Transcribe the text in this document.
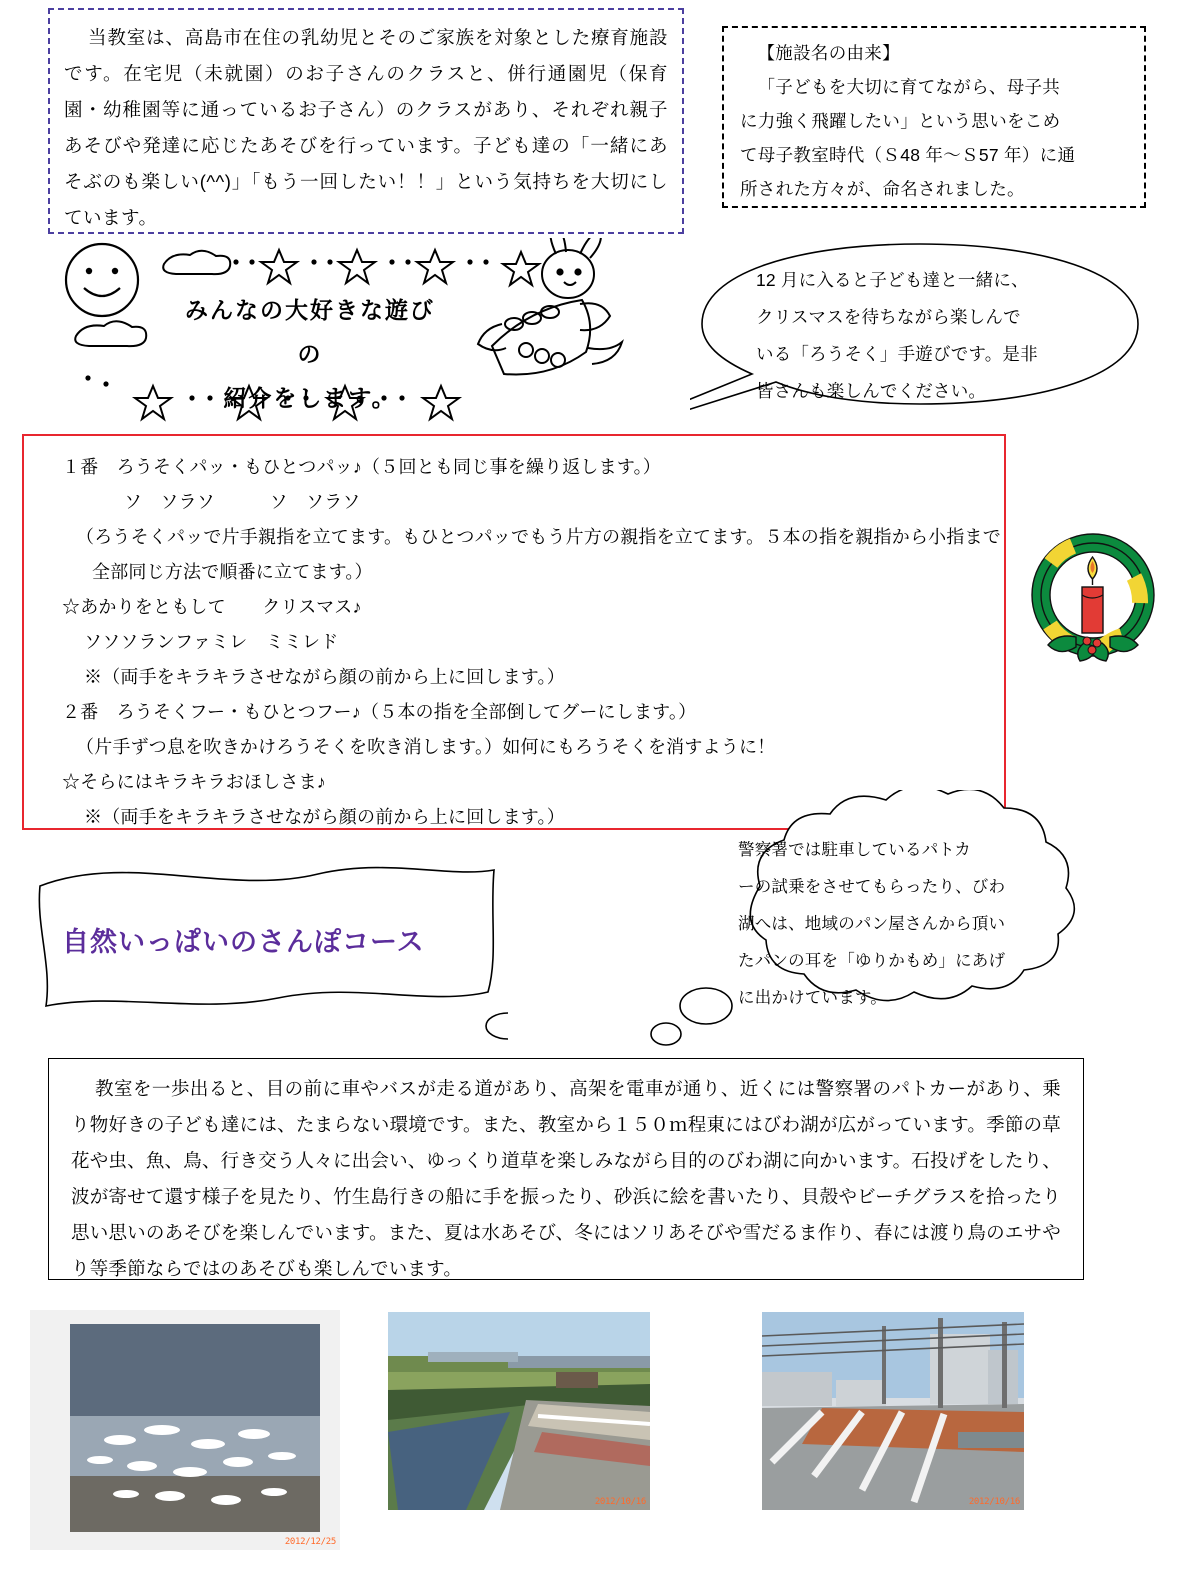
当教室は、高島市在住の乳幼児とそのご家族を対象とした療育施設です。在宅児（未就園）のお子さんのクラスと、併行通園児（保育園・幼稚園等に通っているお子さん）のクラスがあり、それぞれ親子あそびや発達に応じたあそびを行っています。子ども達の「一緒にあそぶのも楽しい(^^)」「もう一回したい！！」という気持ちを大切にしています。

【施設名の由来】
「子どもを大切に育てながら、母子共
に力強く飛躍したい」という思いをこめ
て母子教室時代（Ｓ48 年～Ｓ57 年）に通
所された方々が、命名されました。
みんなの大好きな遊び
の
紹介をします。
12 月に入ると子ども達と一緒に、
クリスマスを待ちながら楽しんで
いる「ろうそく」手遊びです。是非
皆さんも楽しんでください。
１番　ろうそくパッ・もひとつパッ♪（５回とも同じ事を繰り返します。）
ソ　ソラソ　　　ソ　ソラソ
（ろうそくパッで片手親指を立てます。もひとつパッでもう片方の親指を立てます。５本の指を親指から小指まで
全部同じ方法で順番に立てます。）
☆あかりをともして　　クリスマス♪
ソソソランファミレ　ミミレド
※（両手をキラキラさせながら顔の前から上に回します。）
２番　ろうそくフー・もひとつフー♪（５本の指を全部倒してグーにします。）
（片手ずつ息を吹きかけろうそくを吹き消します。）如何にもろうそくを消すように！
☆そらにはキラキラおほしさま♪
※（両手をキラキラさせながら顔の前から上に回します。）
自然いっぱいのさんぽコース
警察署では駐車しているパトカ
ーの試乗をさせてもらったり、びわ
湖へは、地域のパン屋さんから頂い
たパンの耳を「ゆりかもめ」にあげ
に出かけています。

教室を一歩出ると、目の前に車やバスが走る道があり、高架を電車が通り、近くには警察署のパトカーがあり、乗り物好きの子ども達には、たまらない環境です。また、教室から１５０ｍ程東にはびわ湖が広がっています。季節の草花や虫、魚、鳥、行き交う人々に出会い、ゆっくり道草を楽しみながら目的のびわ湖に向かいます。石投げをしたり、波が寄せて還す様子を見たり、竹生島行きの船に手を振ったり、砂浜に絵を書いたり、貝殻やビーチグラスを拾ったり思い思いのあそびを楽しんでいます。また、夏は水あそび、冬にはソリあそびや雪だるま作り、春には渡り鳥のエサやり等季節ならではのあそびも楽しんでいます。

2012/12/25
2012/10/16	2012/10/16
